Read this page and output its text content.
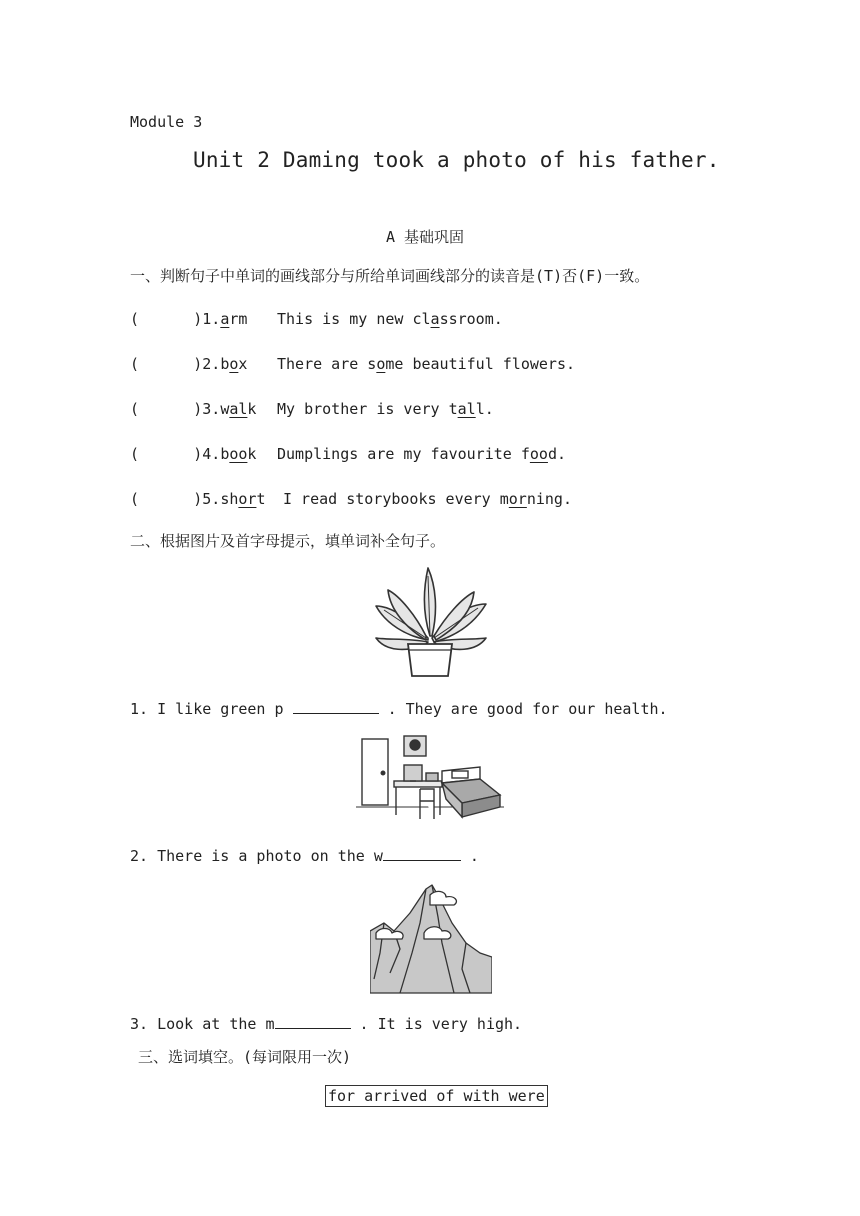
Module 3
Unit 2 Daming took a photo of his father.
A 基础巩固
一、判断句子中单词的画线部分与所给单词画线部分的读音是(T)否(F)一致。
(      )1.arm This is my new classroom.
(      )2.box There are some beautiful flowers.
(      )3.walk My brother is very tall.
(      )4.book Dumplings are my favourite food.
(      )5.short I read storybooks every morning.
二、根据图片及首字母提示，填单词补全句子。
1. I like green p	. They are good for our health.
2. There is a photo on the w	.
3. Look at the m	. It is very high.
三、选词填空。(每词限用一次)
for arrived of with were
